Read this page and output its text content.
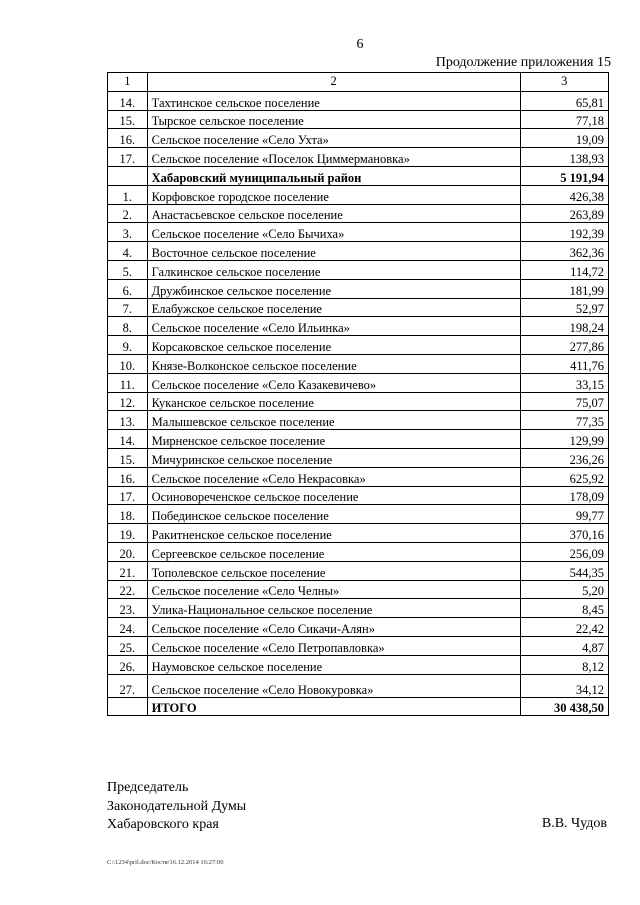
6
Продолжение приложения 15
1	2	3
14.	Тахтинское сельское поселение	65,81
15.	Тырское сельское поселение	77,18
16.	Сельское поселение «Село Ухта»	19,09
17.	Сельское поселение «Поселок Циммермановка»	138,93
	Хабаровский муниципальный район	5 191,94
1.	Корфовское городское поселение	426,38
2.	Анастасьевское сельское поселение	263,89
3.	Сельское поселение «Село Бычиха»	192,39
4.	Восточное сельское поселение	362,36
5.	Галкинское сельское поселение	114,72
6.	Дружбинское сельское поселение	181,99
7.	Елабужское сельское поселение	52,97
8.	Сельское поселение «Село Ильинка»	198,24
9.	Корсаковское сельское поселение	277,86
10.	Князе-Волконское сельское поселение	411,76
11.	Сельское поселение «Село Казакевичево»	33,15
12.	Куканское сельское поселение	75,07
13.	Малышевское сельское поселение	77,35
14.	Мирненское сельское поселение	129,99
15.	Мичуринское сельское поселение	236,26
16.	Сельское поселение «Село Некрасовка»	625,92
17.	Осиновореченское сельское поселение	178,09
18.	Побединское сельское поселение	99,77
19.	Ракитненское сельское поселение	370,16
20.	Сергеевское сельское поселение	256,09
21.	Тополевское сельское поселение	544,35
22.	Сельское поселение «Село Челны»	5,20
23.	Улика-Национальное сельское поселение	8,45
24.	Сельское поселение «Село Сикачи-Алян»	22,42
25.	Сельское поселение «Село Петропавловка»	4,87
26.	Наумовское сельское поселение	8,12
27.	Сельское поселение «Село Новокуровка»	34,12
	ИТОГО	30 438,50
Председатель
Законодательной Думы
Хабаровского края	В.В. Чудов
C:\1234\pril.doc/Костя/16.12.2014 16:27:00
